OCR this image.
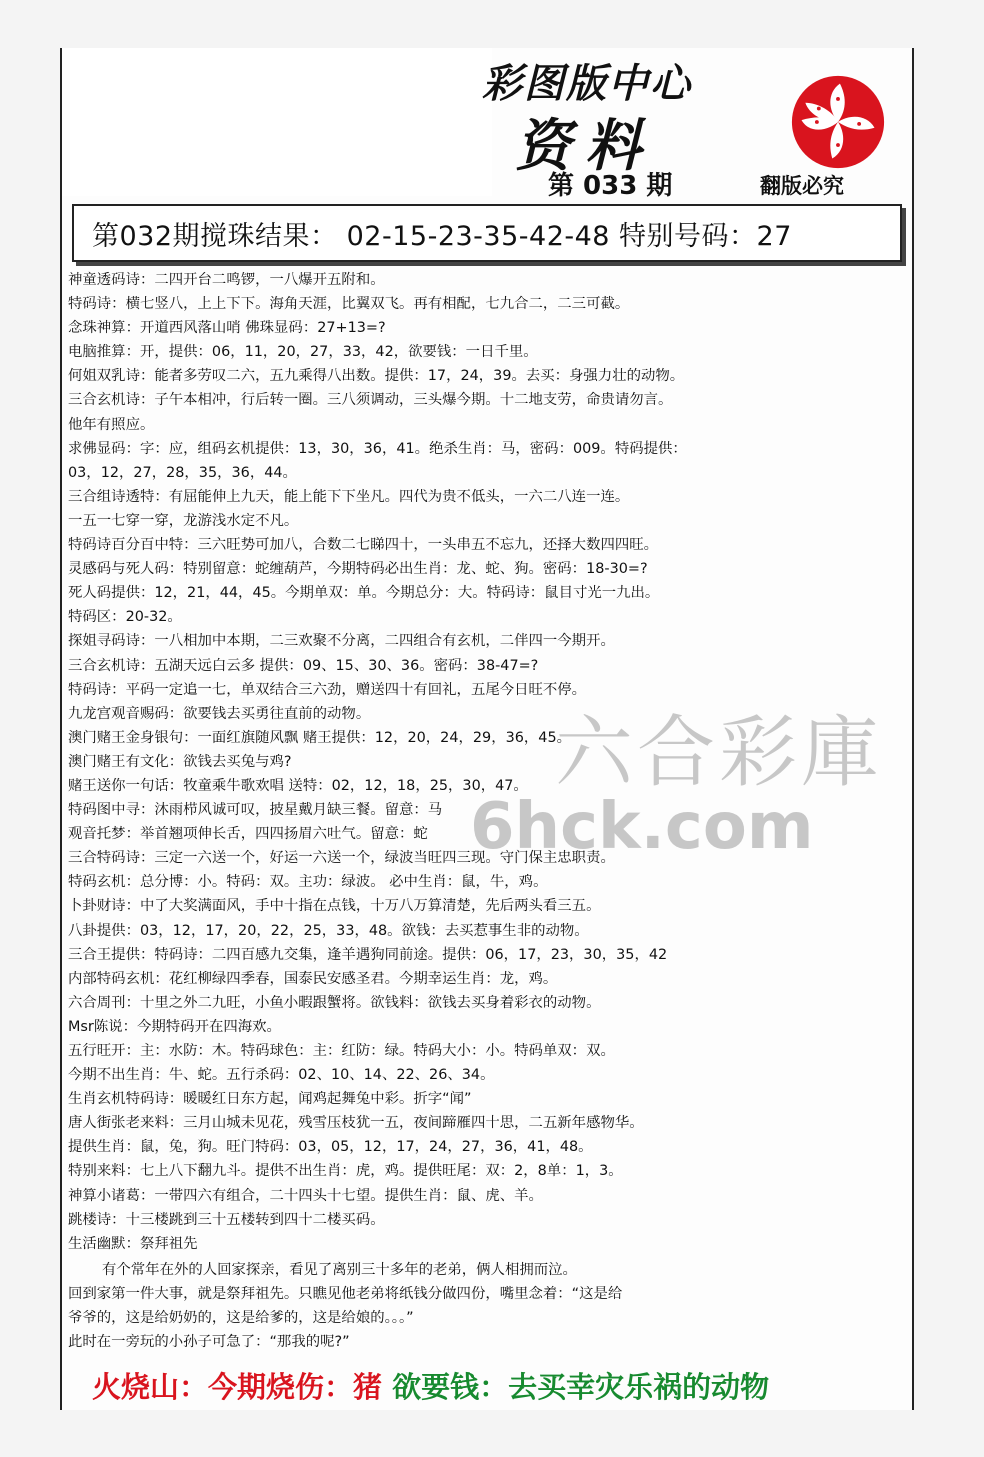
彩图版中心
资料
第 033 期	翻版必究
第032期搅珠结果： 02-15-23-35-42-48 特别号码：27
神童透码诗：二四开台二鸣锣，一八爆开五附和。
特码诗：横七竖八，上上下下。海角天涯，比翼双飞。再有相配，七九合二，二三可截。
念珠神算：开道西风落山哨 佛珠显码：27+13=?
电脑推算：开，提供：06，11，20，27，33，42，欲要钱：一日千里。
何姐双乳诗：能者多劳叹二六，五九乘得八出数。提供：17，24，39。去买：身强力壮的动物。
三合玄机诗：子午本相冲，行后转一圈。三八须调动，三头爆今期。十二地支劳，命贵请勿言。
他年有照应。
求佛显码：字：应，组码玄机提供：13，30，36，41。绝杀生肖：马，密码：009。特码提供：
03，12，27，28，35，36，44。
三合组诗透特：有屈能伸上九天，能上能下下坐凡。四代为贵不低头，一六二八连一连。
一五一七穿一穿，龙游浅水定不凡。
特码诗百分百中特：三六旺势可加八，合数二七睇四十，一头串五不忘九，还择大数四四旺。
灵感码与死人码：特别留意：蛇缠葫芦，今期特码必出生肖：龙、蛇、狗。密码：18-30=?
死人码提供：12，21，44，45。今期单双：单。今期总分：大。特码诗：鼠目寸光一九出。
特码区：20-32。
探姐寻码诗：一八相加中本期，二三欢聚不分离，二四组合有玄机，二伴四一今期开。
三合玄机诗：五湖天远白云多 提供：09、15、30、36。密码：38-47=?
特码诗：平码一定追一七，单双结合三六劲，赠送四十有回礼，五尾今日旺不停。
九龙宫观音赐码：欲要钱去买勇往直前的动物。
澳门赌王金身银句：一面红旗随风飘 赌王提供：12，20，24，29，36，45。
澳门赌王有文化：欲钱去买兔与鸡?
赌王送你一句话：牧童乘牛歌欢唱 送特：02，12，18，25，30，47。
特码图中寻：沐雨栉风诚可叹，披星戴月缺三餐。留意：马
观音托梦：举首翘项伸长舌，四四扬眉六吐气。留意：蛇
三合特码诗：三定一六送一个，好运一六送一个，绿波当旺四三现。守门保主忠职责。
特码玄机：总分博：小。特码：双。主功：绿波。 必中生肖：鼠，牛，鸡。
卜卦财诗：中了大奖满面风，手中十指在点钱，十万八万算清楚，先后两头看三五。
八卦提供：03，12，17，20，22，25，33，48。欲钱：去买惹事生非的动物。
三合王提供：特码诗：二四百感九交集，逢羊遇狗同前途。提供：06，17，23，30，35，42
内部特码玄机：花红柳绿四季春，国泰民安感圣君。今期幸运生肖：龙，鸡。
六合周刊：十里之外二九旺，小鱼小暇跟蟹将。欲钱料：欲钱去买身着彩衣的动物。
Msr陈说：今期特码开在四海欢。
五行旺开：主：水防：木。特码球色：主：红防：绿。特码大小：小。特码单双：双。
今期不出生肖：牛、蛇。五行杀码：02、10、14、22、26、34。
生肖玄机特码诗：暖暖红日东方起，闻鸡起舞兔中彩。折字“闻”
唐人街张老来料：三月山城未见花，残雪压枝犹一五，夜间蹄雁四十思，二五新年感物华。
提供生肖：鼠，兔，狗。旺门特码：03，05，12，17，24，27，36，41，48。
特别来料：七上八下翻九斗。提供不出生肖：虎，鸡。提供旺尾：双：2，8单：1，3。
神算小诸葛：一带四六有组合，二十四头十七望。提供生肖：鼠、虎、羊。
跳楼诗：十三楼跳到三十五楼转到四十二楼买码。
生活幽默：祭拜祖先
有个常年在外的人回家探亲，看见了离别三十多年的老弟，俩人相拥而泣。
回到家第一件大事，就是祭拜祖先。只瞧见他老弟将纸钱分做四份，嘴里念着：“这是给
爷爷的，这是给奶奶的，这是给爹的，这是给娘的。。。”
此时在一旁玩的小孙子可急了：“那我的呢?”
火烧山：今期烧伤：猪 欲要钱：去买幸灾乐祸的动物
六合彩庫
6hck.com
